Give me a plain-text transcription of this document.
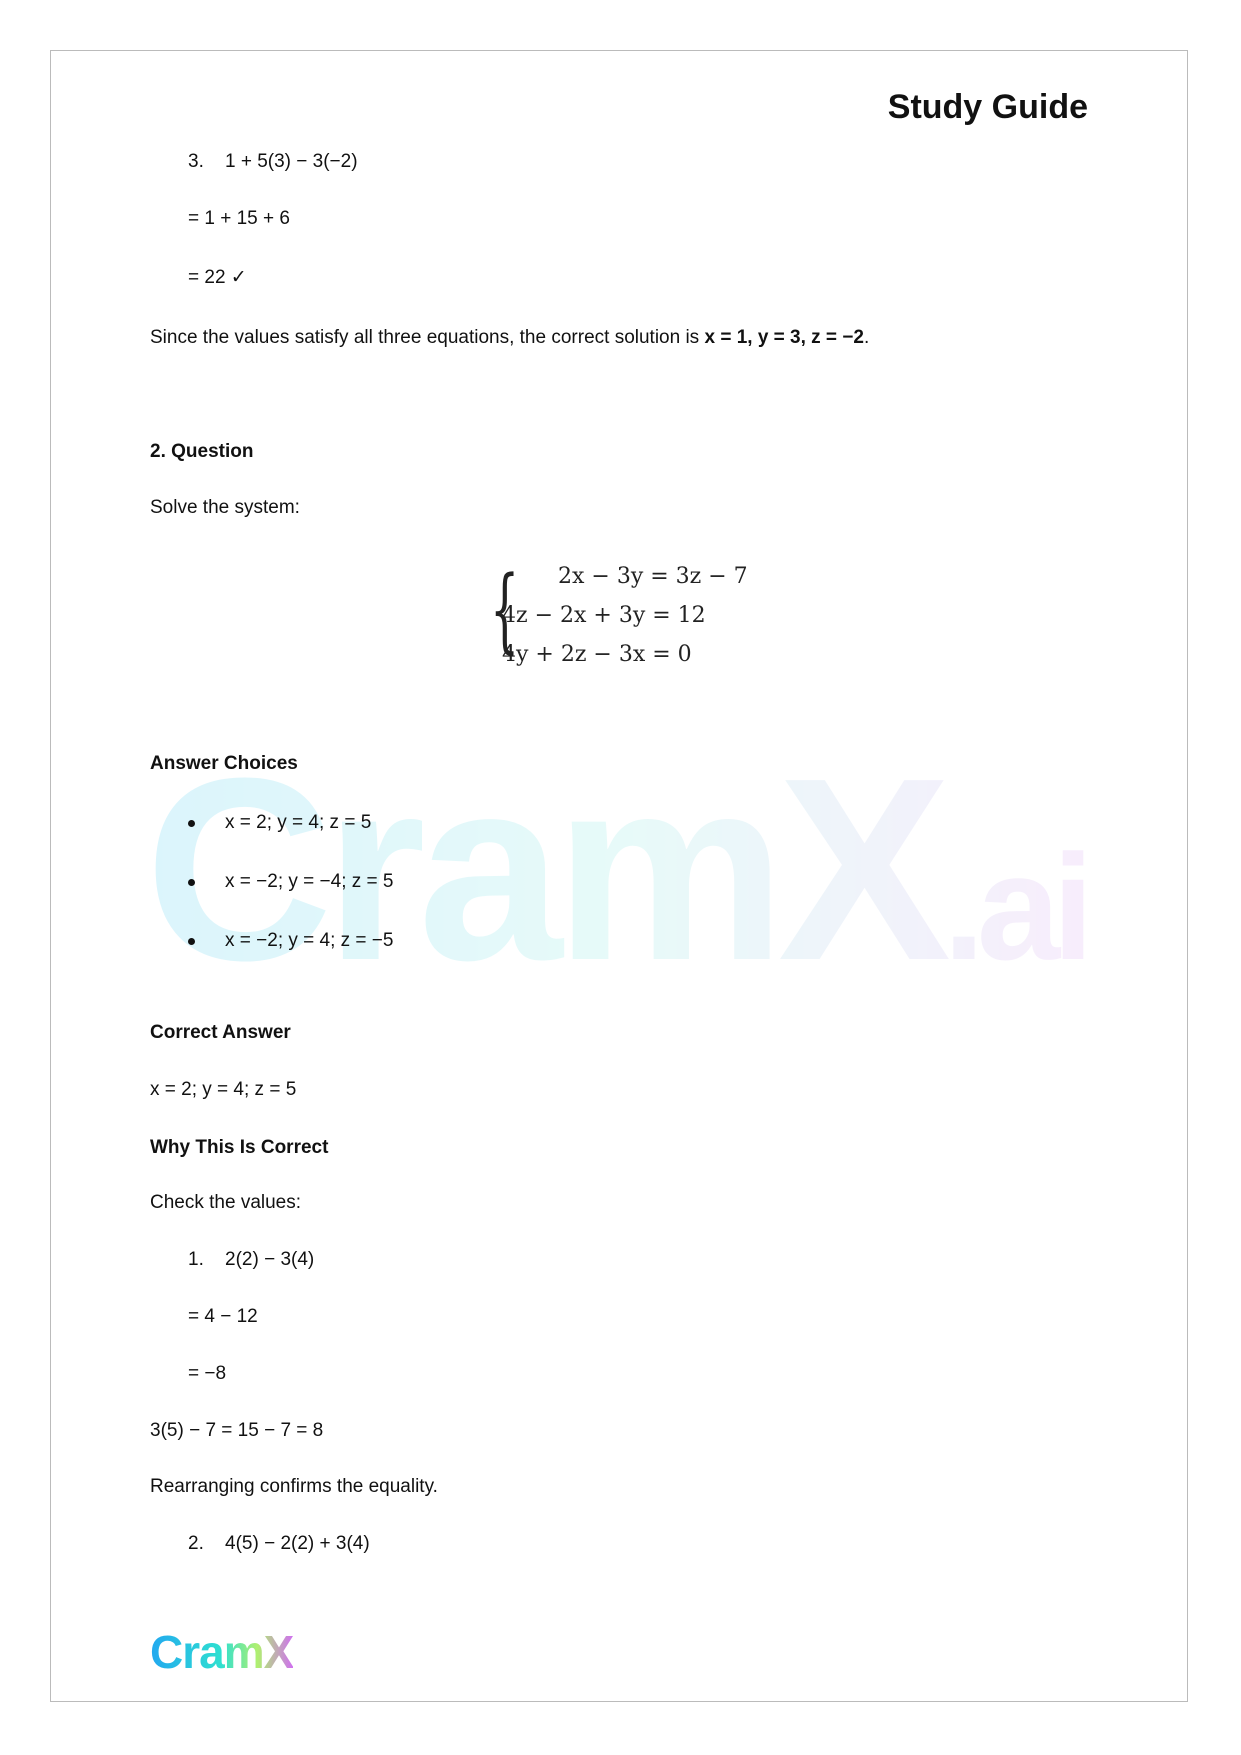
CramX.ai
Study Guide
3. 1 + 5(3) − 3(−2)
= 1 + 15 + 6
= 22 ✓
Since the values satisfy all three equations, the correct solution is x = 1, y = 3, z = −2.
2. Question
Solve the system:
{ 2x − 3y = 3z − 7
4z − 2x + 3y = 12
4y + 2z − 3x = 0
Answer Choices
x = 2; y = 4; z = 5
x = −2; y = −4; z = 5
x = −2; y = 4; z = −5
Correct Answer
x = 2; y = 4; z = 5
Why This Is Correct
Check the values:
1. 2(2) − 3(4)
= 4 − 12
= −8
3(5) − 7 = 15 − 7 = 8
Rearranging confirms the equality.
2. 4(5) − 2(2) + 3(4)
CramX
